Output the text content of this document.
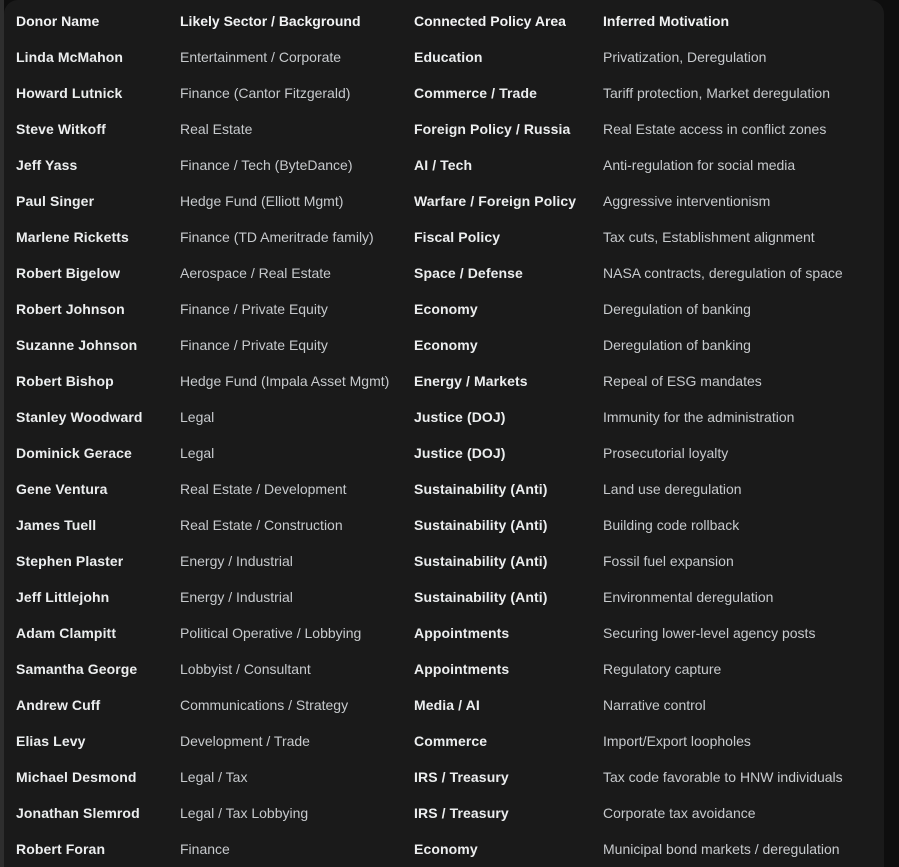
Donor Name	Likely Sector / Background	Connected Policy Area	Inferred Motivation
Linda McMahon	Entertainment / Corporate	Education	Privatization, Deregulation
Howard Lutnick	Finance (Cantor Fitzgerald)	Commerce / Trade	Tariff protection, Market deregulation
Steve Witkoff	Real Estate	Foreign Policy / Russia	Real Estate access in conflict zones
Jeff Yass	Finance / Tech (ByteDance)	AI / Tech	Anti-regulation for social media
Paul Singer	Hedge Fund (Elliott Mgmt)	Warfare / Foreign Policy	Aggressive interventionism
Marlene Ricketts	Finance (TD Ameritrade family)	Fiscal Policy	Tax cuts, Establishment alignment
Robert Bigelow	Aerospace / Real Estate	Space / Defense	NASA contracts, deregulation of space
Robert Johnson	Finance / Private Equity	Economy	Deregulation of banking
Suzanne Johnson	Finance / Private Equity	Economy	Deregulation of banking
Robert Bishop	Hedge Fund (Impala Asset Mgmt)	Energy / Markets	Repeal of ESG mandates
Stanley Woodward	Legal	Justice (DOJ)	Immunity for the administration
Dominick Gerace	Legal	Justice (DOJ)	Prosecutorial loyalty
Gene Ventura	Real Estate / Development	Sustainability (Anti)	Land use deregulation
James Tuell	Real Estate / Construction	Sustainability (Anti)	Building code rollback
Stephen Plaster	Energy / Industrial	Sustainability (Anti)	Fossil fuel expansion
Jeff Littlejohn	Energy / Industrial	Sustainability (Anti)	Environmental deregulation
Adam Clampitt	Political Operative / Lobbying	Appointments	Securing lower-level agency posts
Samantha George	Lobbyist / Consultant	Appointments	Regulatory capture
Andrew Cuff	Communications / Strategy	Media / AI	Narrative control
Elias Levy	Development / Trade	Commerce	Import/Export loopholes
Michael Desmond	Legal / Tax	IRS / Treasury	Tax code favorable to HNW individuals
Jonathan Slemrod	Legal / Tax Lobbying	IRS / Treasury	Corporate tax avoidance
Robert Foran	Finance	Economy	Municipal bond markets / deregulation
